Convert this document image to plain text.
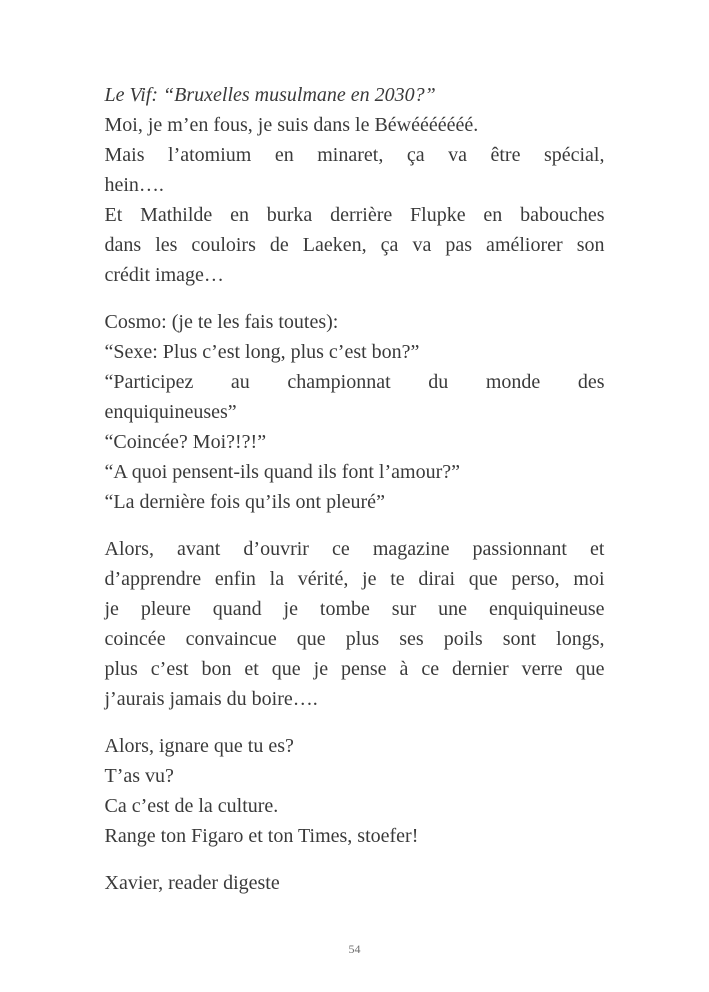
Le Vif: “Bruxelles musulmane en 2030?”
Moi, je m’en fous, je suis dans le Béwééééééé.
Mais l’atomium en minaret, ça va être spécial,
hein….
Et Mathilde en burka derrière Flupke en babouches
dans les couloirs de Laeken, ça va pas améliorer son
crédit image…
Cosmo: (je te les fais toutes):
“Sexe: Plus c’est long, plus c’est bon?”
“Participez au championnat du monde des
enquiquineuses”
“Coincée? Moi?!?!”
“A quoi pensent-ils quand ils font l’amour?”
“La dernière fois qu’ils ont pleuré”
Alors, avant d’ouvrir ce magazine passionnant et
d’apprendre enfin la vérité, je te dirai que perso, moi
je pleure quand je tombe sur une enquiquineuse
coincée convaincue que plus ses poils sont longs,
plus c’est bon et que je pense à ce dernier verre que
j’aurais jamais du boire….
Alors, ignare que tu es?
T’as vu?
Ca c’est de la culture.
Range ton Figaro et ton Times, stoefer!
Xavier, reader digeste
54
